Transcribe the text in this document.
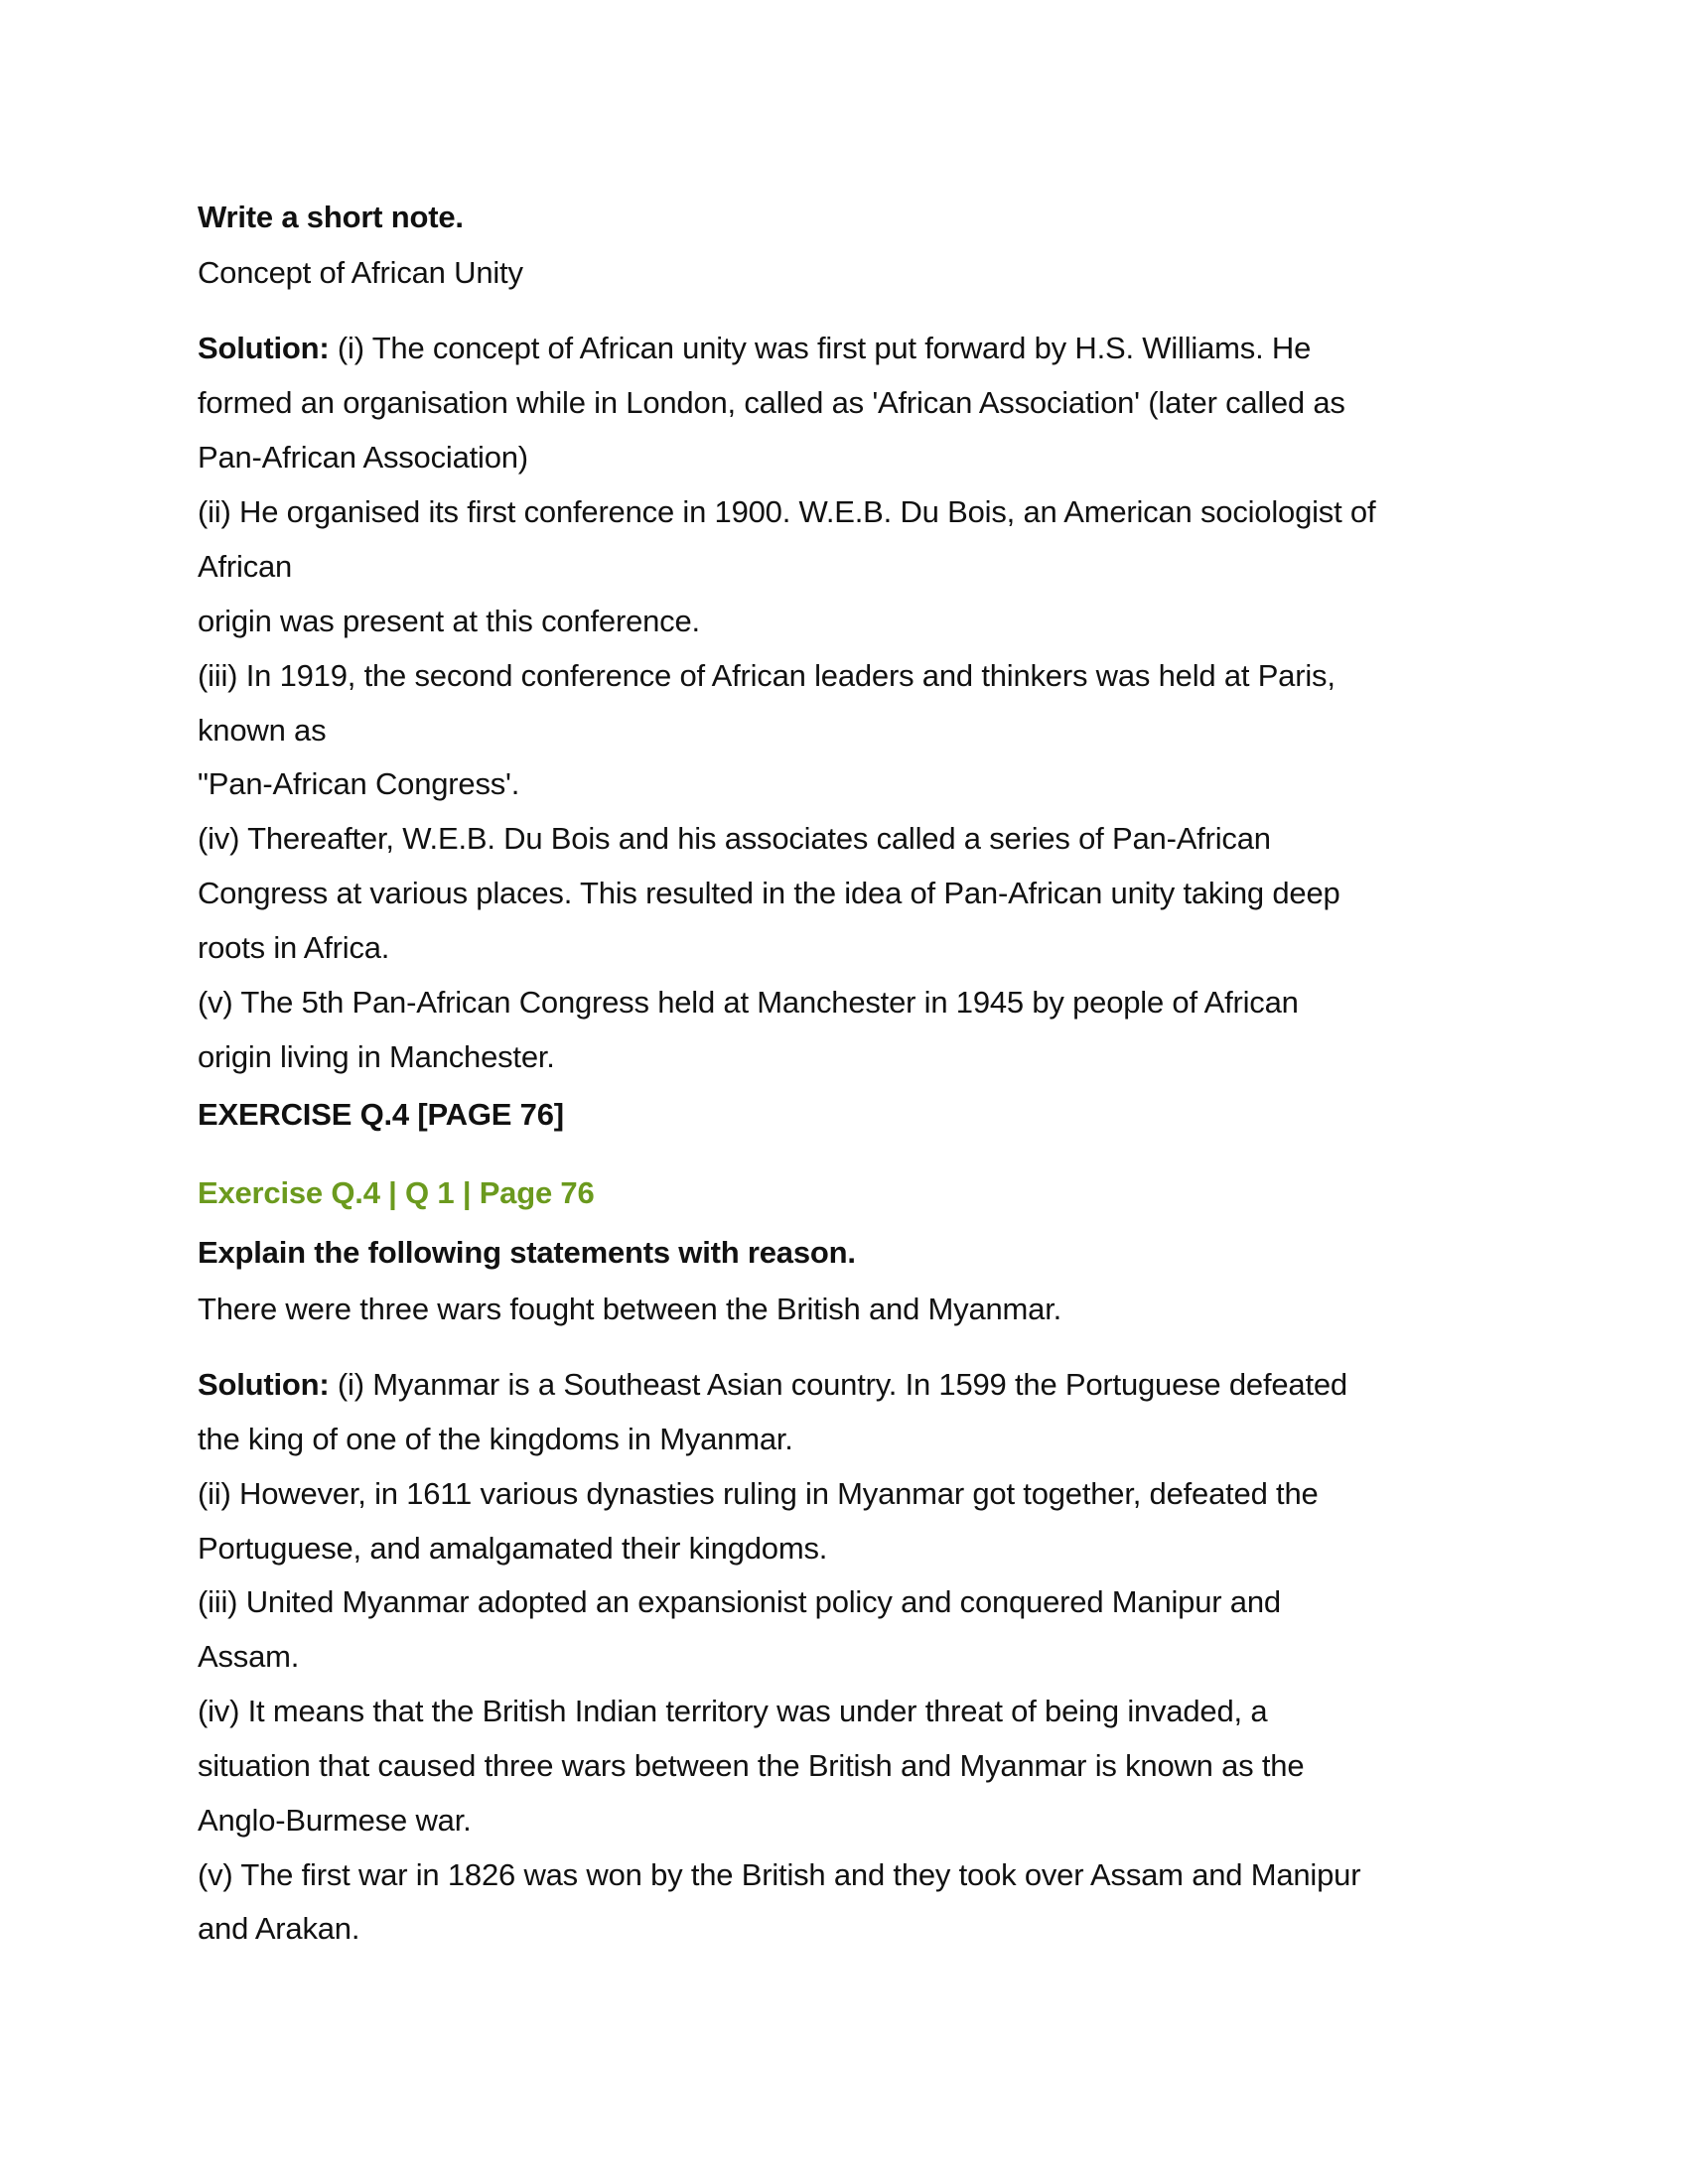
Write a short note.
Concept of African Unity
Solution: (i) The concept of African unity was first put forward by H.S. Williams. He
formed an organisation while in London, called as 'African Association' (later called as
Pan-African Association)
(ii) He organised its first conference in 1900. W.E.B. Du Bois, an American sociologist of
African
origin was present at this conference.
(iii) In 1919, the second conference of African leaders and thinkers was held at Paris,
known as
"Pan-African Congress'.
(iv) Thereafter, W.E.B. Du Bois and his associates called a series of Pan-African
Congress at various places. This resulted in the idea of Pan-African unity taking deep
roots in Africa.
(v) The 5th Pan-African Congress held at Manchester in 1945 by people of African
origin living in Manchester.
EXERCISE Q.4 [PAGE 76]
Exercise Q.4 | Q 1 | Page 76
Explain the following statements with reason.
There were three wars fought between the British and Myanmar.
Solution: (i) Myanmar is a Southeast Asian country. In 1599 the Portuguese defeated
the king of one of the kingdoms in Myanmar.
(ii) However, in 1611 various dynasties ruling in Myanmar got together, defeated the
Portuguese, and amalgamated their kingdoms.
(iii) United Myanmar adopted an expansionist policy and conquered Manipur and
Assam.
(iv) It means that the British Indian territory was under threat of being invaded, a
situation that caused three wars between the British and Myanmar is known as the
Anglo-Burmese war.
(v) The first war in 1826 was won by the British and they took over Assam and Manipur
and Arakan.
